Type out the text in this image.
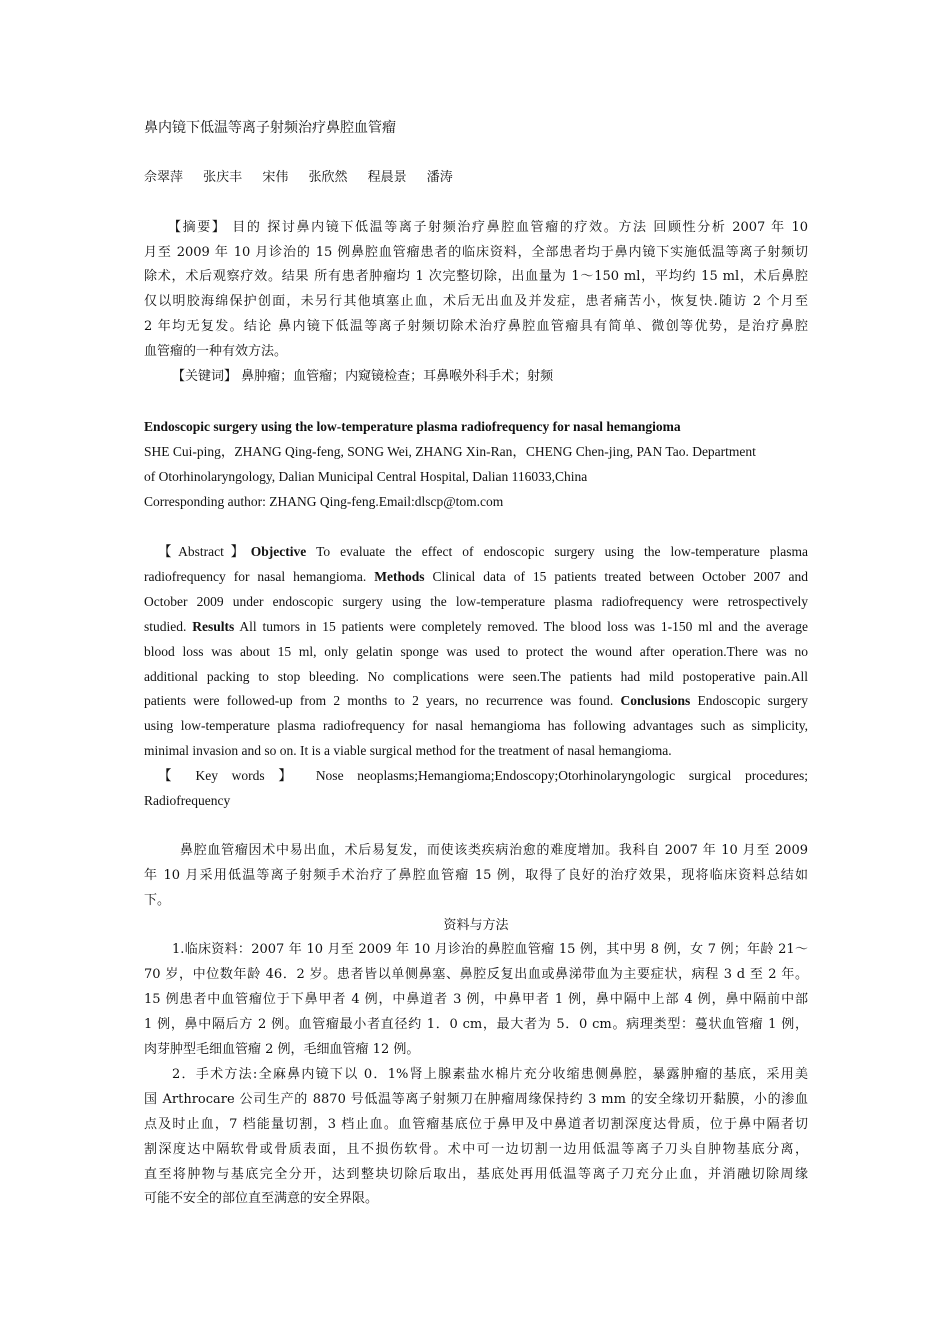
鼻内镜下低温等离子射频治疗鼻腔血管瘤
佘翠萍 张庆丰 宋伟 张欣然 程晨景 潘涛
【摘要】 目的 探讨鼻内镜下低温等离子射频治疗鼻腔血管瘤的疗效。方法 回顾性分析 2007 年 10
月至 2009 年 10 月诊治的 15 例鼻腔血管瘤患者的临床资料，全部患者均于鼻内镜下实施低温等离子射频切
除术，术后观察疗效。结果 所有患者肿瘤均 1 次完整切除，出血量为 1～150 ml，平均约 15 ml，术后鼻腔
仅以明胶海绵保护创面，未另行其他填塞止血，术后无出血及并发症，患者痛苦小，恢复快.随访 2 个月至
2 年均无复发。结论 鼻内镜下低温等离子射频切除术治疗鼻腔血管瘤具有简单、微创等优势，是治疗鼻腔
血管瘤的一种有效方法。
【关键词】 鼻肿瘤；血管瘤；内窥镜检查；耳鼻喉外科手术；射频
Endoscopic surgery using the low-temperature plasma radiofrequency for nasal hemangioma
SHE Cui-ping，ZHANG Qing-feng, SONG Wei, ZHANG Xin-Ran，CHENG Chen-jing, PAN Tao. Department
of Otorhinolaryngology, Dalian Municipal Central Hospital, Dalian 116033,China
Corresponding author: ZHANG Qing-feng.Email:dlscp@tom.com
【Abstract】Objective To evaluate the effect of endoscopic surgery using the low-temperature plasma
radiofrequency for nasal hemangioma. Methods Clinical data of 15 patients treated between October 2007 and
October 2009 under endoscopic surgery using the low-temperature plasma radiofrequency were retrospectively
studied. Results All tumors in 15 patients were completely removed. The blood loss was 1-150 ml and the average
blood loss was about 15 ml, only gelatin sponge was used to protect the wound after operation.There was no
additional packing to stop bleeding. No complications were seen.The patients had mild postoperative pain.All
patients were followed-up from 2 months to 2 years, no recurrence was found. Conclusions Endoscopic surgery
using low-temperature plasma radiofrequency for nasal hemangioma has following advantages such as simplicity,
minimal invasion and so on. It is a viable surgical method for the treatment of nasal hemangioma.
【 Key words 】 Nose neoplasms;Hemangioma;Endoscopy;Otorhinolaryngologic surgical procedures;
Radiofrequency
鼻腔血管瘤因术中易出血，术后易复发，而使该类疾病治愈的难度增加。我科自 2007 年 10 月至 2009
年 10 月采用低温等离子射频手术治疗了鼻腔血管瘤 15 例，取得了良好的治疗效果，现将临床资料总结如
下。
资料与方法
1.临床资料：2007 年 10 月至 2009 年 10 月诊治的鼻腔血管瘤 15 例，其中男 8 例，女 7 例；年龄 21～
70 岁，中位数年龄 46．2 岁。患者皆以单侧鼻塞、鼻腔反复出血或鼻涕带血为主要症状，病程 3 d 至 2 年。
15 例患者中血管瘤位于下鼻甲者 4 例，中鼻道者 3 例，中鼻甲者 1 例，鼻中隔中上部 4 例，鼻中隔前中部
1 例，鼻中隔后方 2 例。血管瘤最小者直径约 1．0 cm，最大者为 5．0 cm。病理类型：蔓状血管瘤 1 例，
肉芽肿型毛细血管瘤 2 例，毛细血管瘤 12 例。
2．手术方法:全麻鼻内镜下以 0．1%肾上腺素盐水棉片充分收缩患侧鼻腔，暴露肿瘤的基底，采用美
国 Arthrocare 公司生产的 8870 号低温等离子射频刀在肿瘤周缘保持约 3 mm 的安全缘切开黏膜，小的渗血
点及时止血，7 档能量切割，3 档止血。血管瘤基底位于鼻甲及中鼻道者切割深度达骨质，位于鼻中隔者切
割深度达中隔软骨或骨质表面，且不损伤软骨。术中可一边切割一边用低温等离子刀头自肿物基底分离，
直至将肿物与基底完全分开，达到整块切除后取出，基底处再用低温等离子刀充分止血，并消融切除周缘
可能不安全的部位直至满意的安全界限。
